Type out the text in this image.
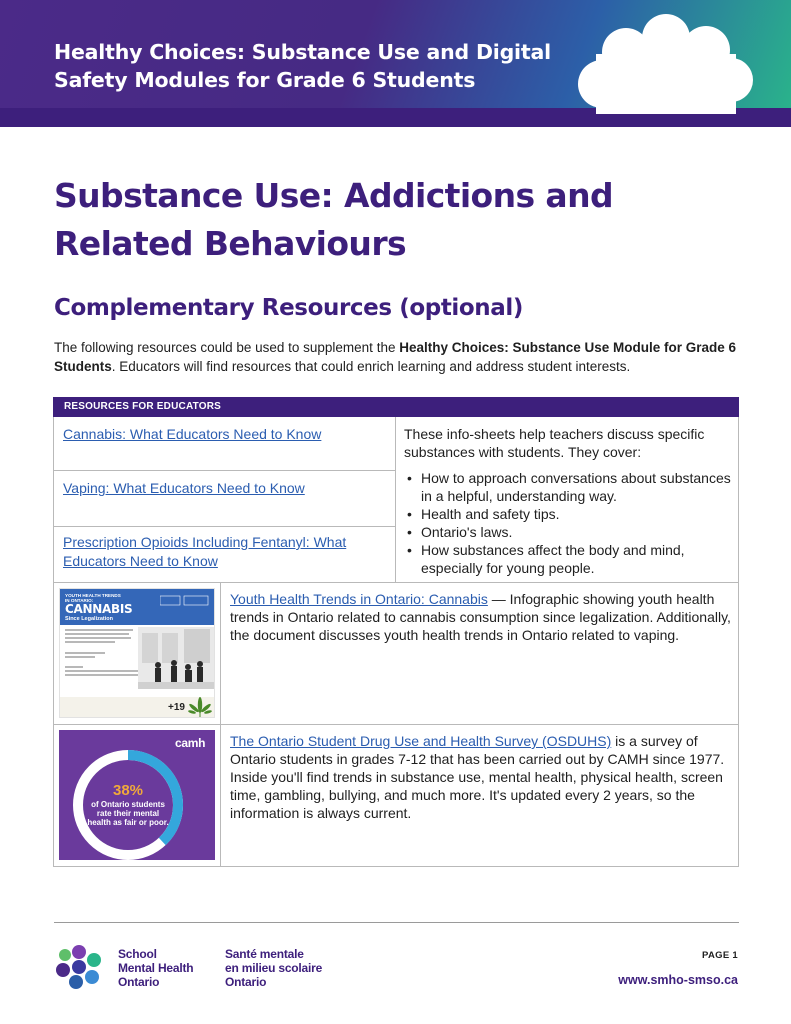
Healthy Choices: Substance Use and Digital
Safety Modules for Grade 6 Students
Substance Use: Addictions and
Related Behaviours
Complementary Resources (optional)

The following resources could be used to supplement the Healthy Choices: Substance Use Module for Grade 6 Students. Educators will find resources that could enrich learning and address student interests.

RESOURCES FOR EDUCATORS
Cannabis: What Educators Need to Know
Vaping: What Educators Need to Know
Prescription Opioids Including Fentanyl: What Educators Need to Know

These info-sheets help teachers discuss specific substances with students. They cover:

• How to approach conversations about substances in a helpful, understanding way.
• Health and safety tips.
• Ontario's laws.
• How substances affect the body and mind, especially for young people.
YOUTH HEALTH TRENDS IN ONTARIO:
CANNABIS
Since Legalization
+19
Youth Health Trends in Ontario: Cannabis — Infographic showing youth health trends in Ontario related to cannabis consumption since legalization. Additionally, the document discusses youth health trends in Ontario related to vaping.
camh
38%
of Ontario students rate their mental health as fair or poor.
The Ontario Student Drug Use and Health Survey (OSDUHS) is a survey of Ontario students in grades 7-12 that has been carried out by CAMH since 1977. Inside you'll find trends in substance use, mental health, physical health, screen time, gambling, bullying, and much more. It's updated every 2 years, so the information is always current.
School
Mental Health
Ontario
Santé mentale
en milieu scolaire
Ontario
PAGE 1
www.smho-smso.ca
